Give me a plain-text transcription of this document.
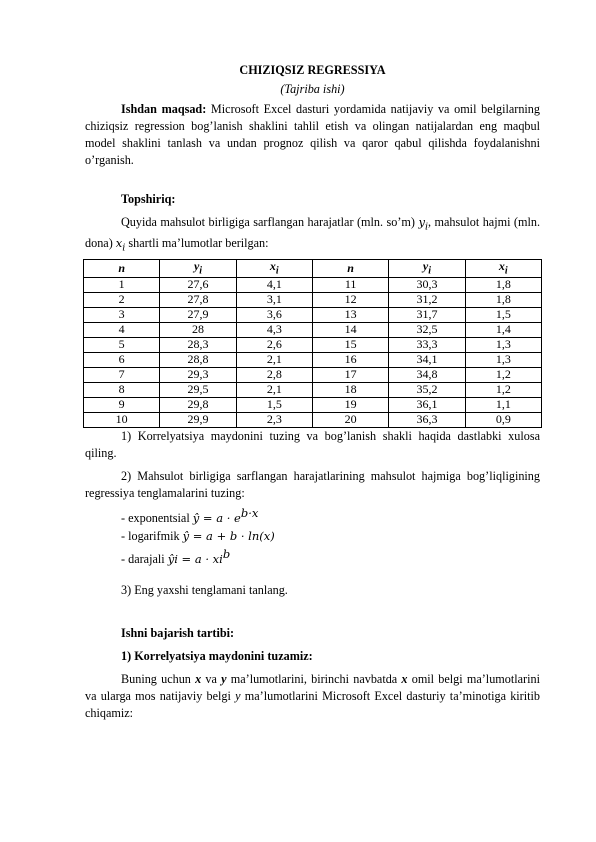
CHIZIQSIZ REGRESSIYA
(Tajriba ishi)

Ishdan maqsad: Microsoft Excel dasturi yordamida natijaviy va omil belgilarning chiziqsiz regression bog’lanish shaklini tahlil etish va olingan natijalardan eng maqbul model shaklini tanlash va undan prognoz qilish va qaror qabul qilishda foydalanishni o’rganish.

Topshiriq:

Quyida mahsulot birligiga sarflangan harajatlar (mln. so’m) $y_i$, mahsulot hajmi (mln. dona) $x_i$ shartli ma’lumotlar berilgan:

n	$y_i$	$x_i$	n	$y_i$	$x_i$
1	27,6	4,1	11	30,3	1,8
2	27,8	3,1	12	31,2	1,8
3	27,9	3,6	13	31,7	1,5
4	28	4,3	14	32,5	1,4
5	28,3	2,6	15	33,3	1,3
6	28,8	2,1	16	34,1	1,3
7	29,3	2,8	17	34,8	1,2
8	29,5	2,1	18	35,2	1,2
9	29,8	1,5	19	36,1	1,1
10	29,9	2,3	20	36,3	0,9

1) Korrelyatsiya maydonini tuzing va bog’lanish shakli haqida dastlabki xulosa qiling.

2) Mahsulot birligiga sarflangan harajatlarining mahsulot hajmiga bog’liqligining regressiya tenglamalarini tuzing:

- exponentsial ŷ = $a \cdot e^{b\cdot x}$
- logarifmik ŷ = a + b · ln(x)
- darajali ŷi = $a \cdot xi^b$

3) Eng yaxshi tenglamani tanlang.

Ishni bajarish tartibi:

1) Korrelyatsiya maydonini tuzamiz:

Buning uchun x va y ma’lumotlarini, birinchi navbatda x omil belgi ma’lumotlarini va ularga mos natijaviy belgi y ma’lumotlarini Microsoft Excel dasturiy ta’minotiga kiritib chiqamiz:
